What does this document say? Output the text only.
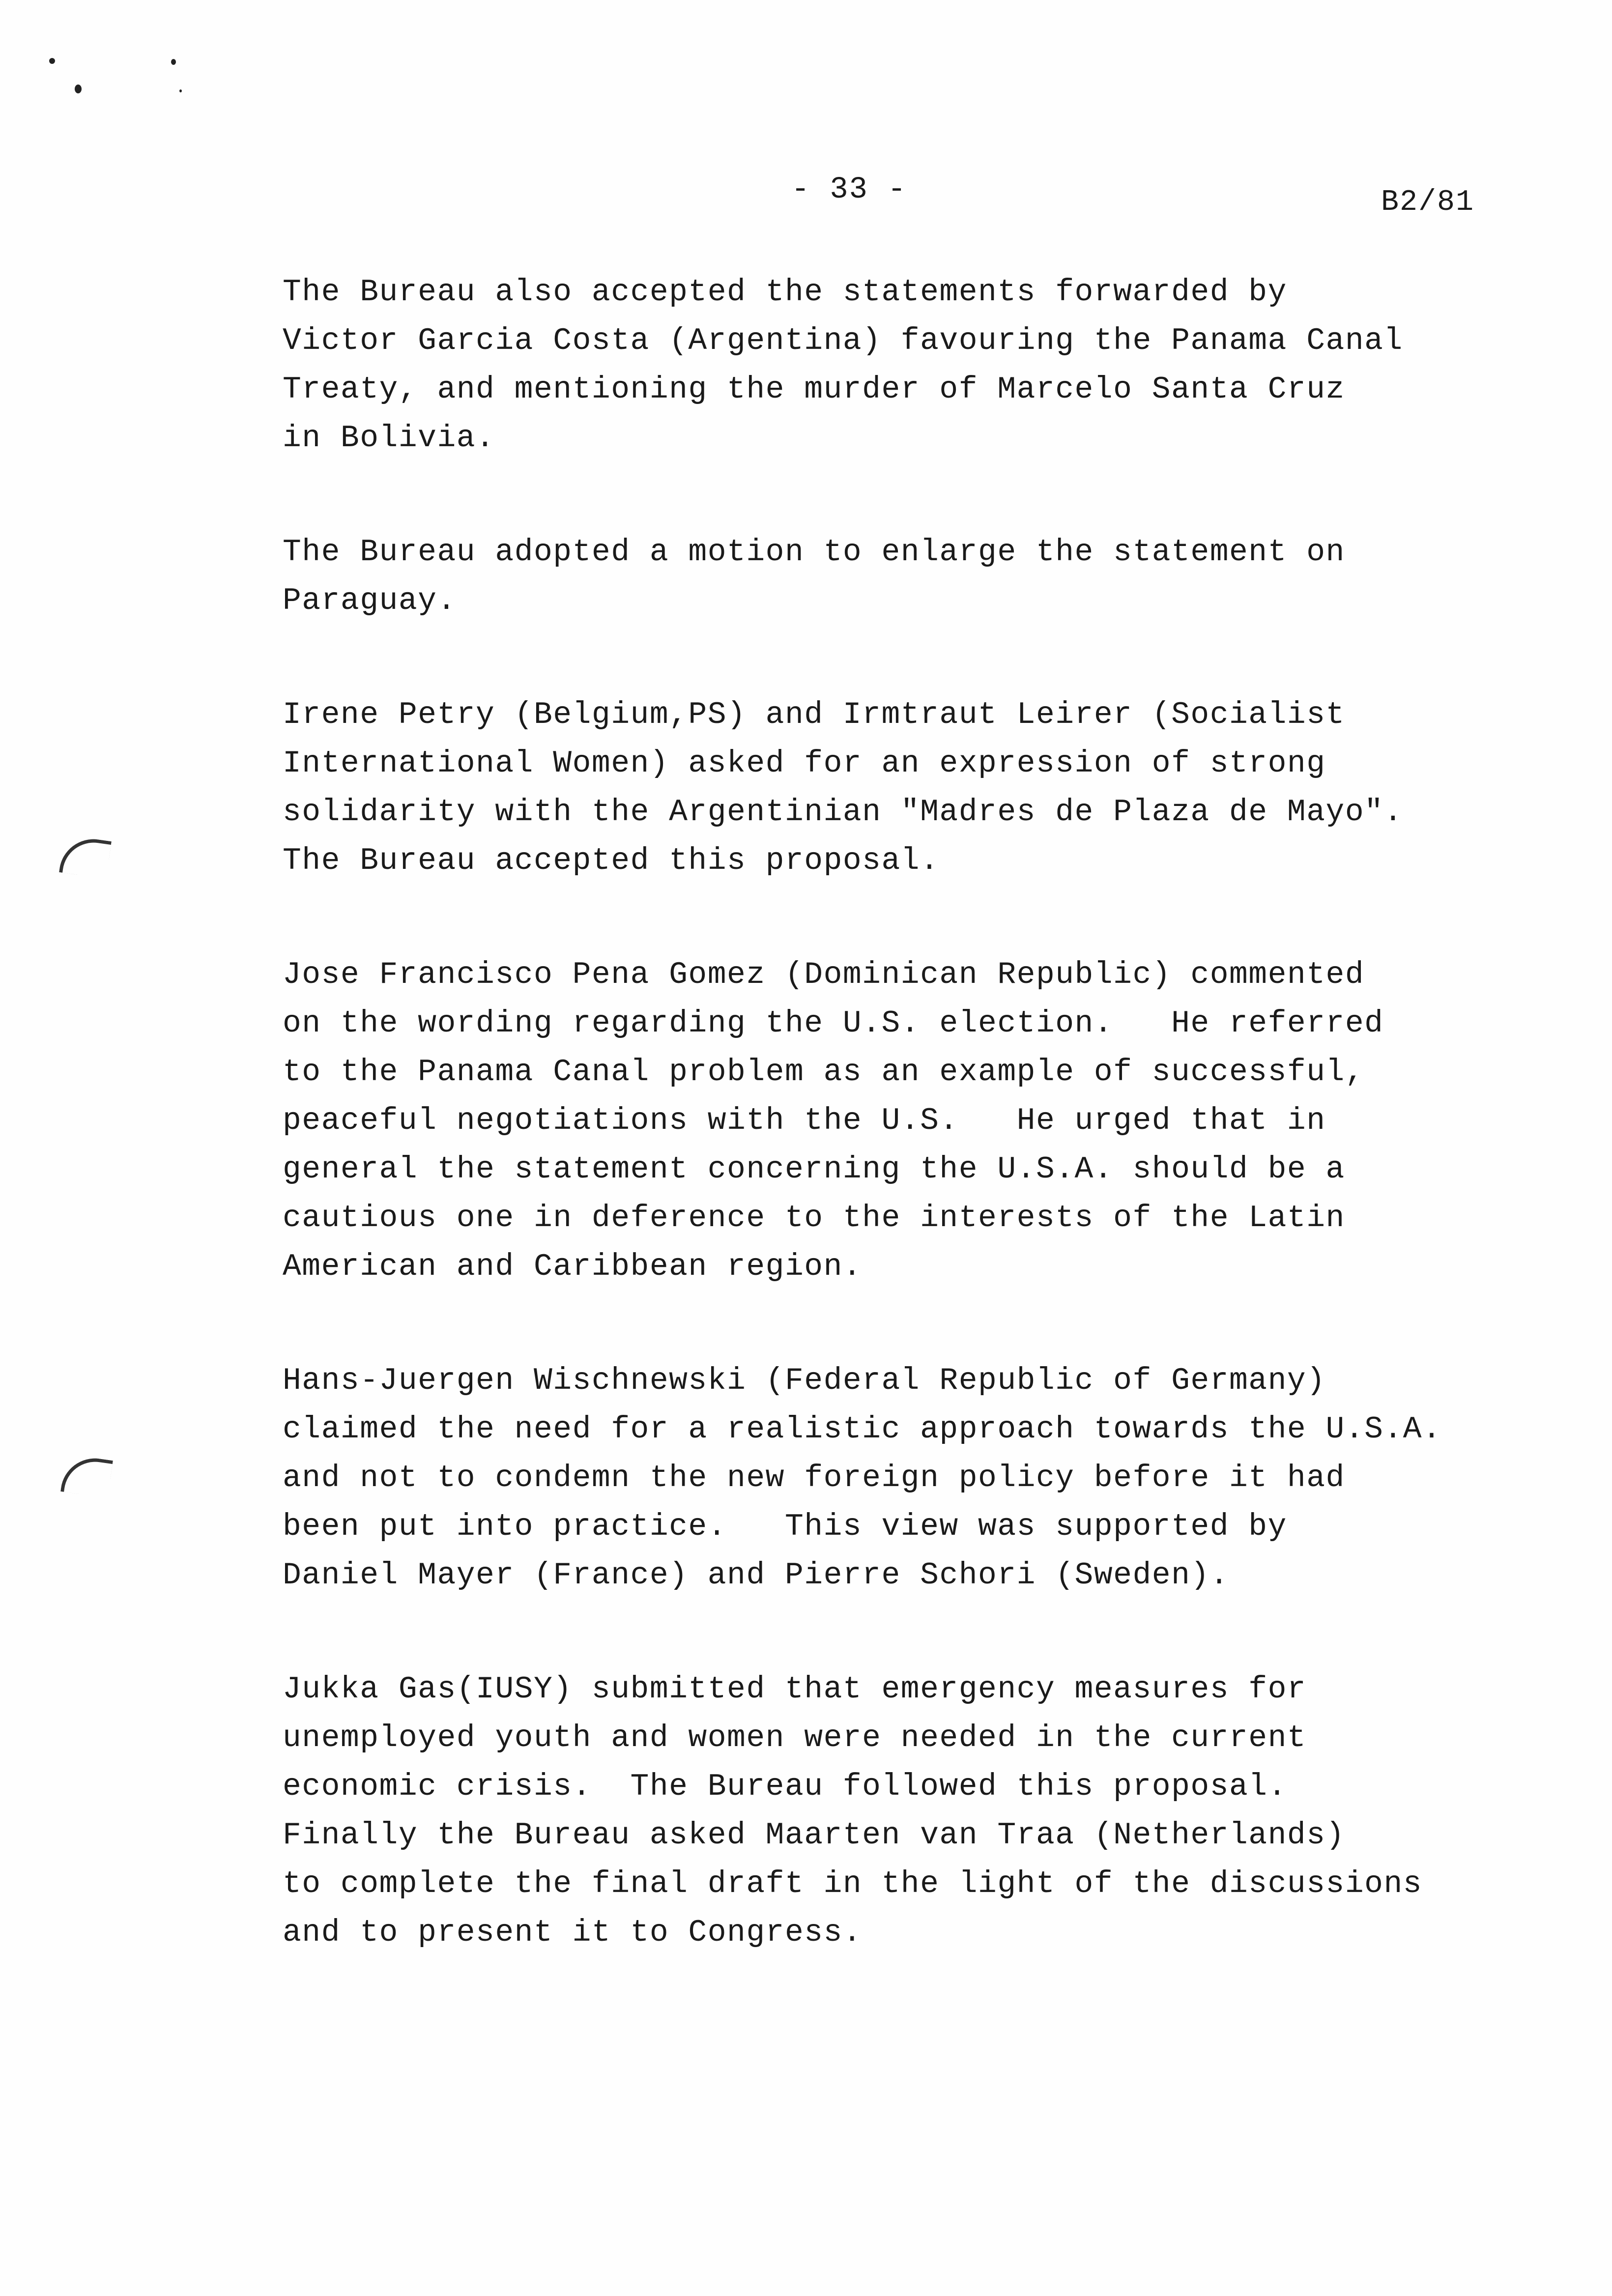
- 33 -	B2/81

The Bureau also accepted the statements forwarded by
Victor Garcia Costa (Argentina) favouring the Panama Canal
Treaty, and mentioning the murder of Marcelo Santa Cruz
in Bolivia.

The Bureau adopted a motion to enlarge the statement on
Paraguay.

Irene Petry (Belgium,PS) and Irmtraut Leirer (Socialist
International Women) asked for an expression of strong
solidarity with the Argentinian "Madres de Plaza de Mayo".
The Bureau accepted this proposal.

Jose Francisco Pena Gomez (Dominican Republic) commented
on the wording regarding the U.S. election.   He referred
to the Panama Canal problem as an example of successful,
peaceful negotiations with the U.S.   He urged that in
general the statement concerning the U.S.A. should be a
cautious one in deference to the interests of the Latin
American and Caribbean region.

Hans-Juergen Wischnewski (Federal Republic of Germany)
claimed the need for a realistic approach towards the U.S.A.
and not to condemn the new foreign policy before it had
been put into practice.   This view was supported by
Daniel Mayer (France) and Pierre Schori (Sweden).

Jukka Gas(IUSY) submitted that emergency measures for
unemployed youth and women were needed in the current
economic crisis.  The Bureau followed this proposal.
Finally the Bureau asked Maarten van Traa (Netherlands)
to complete the final draft in the light of the discussions
and to present it to Congress.
